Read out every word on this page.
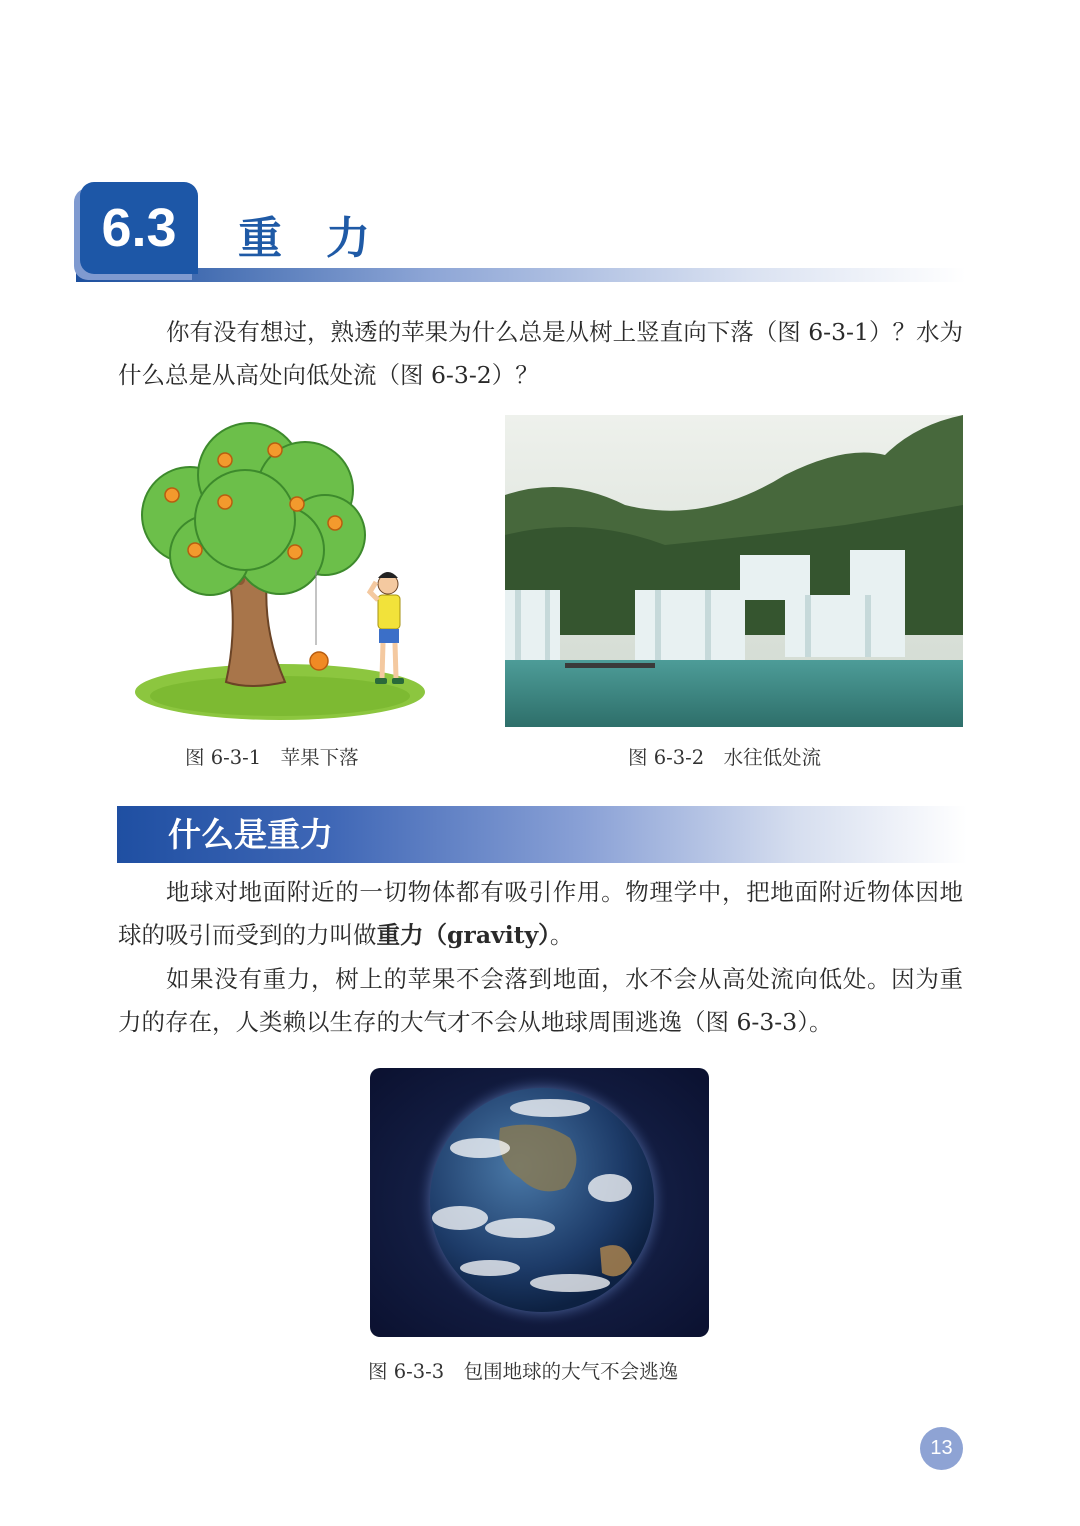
6.3	重力
你有没有想过，熟透的苹果为什么总是从树上竖直向下落（图 6-3-1）？水为什么总是从高处向低处流（图 6-3-2）？
图 6-3-1　苹果下落	图 6-3-2　水往低处流
什么是重力
地球对地面附近的一切物体都有吸引作用。物理学中，把地面附近物体因地球的吸引而受到的力叫做重力（gravity）。
如果没有重力，树上的苹果不会落到地面，水不会从高处流向低处。因为重力的存在，人类赖以生存的大气才不会从地球周围逃逸（图 6-3-3）。
图 6-3-3　包围地球的大气不会逃逸
13
